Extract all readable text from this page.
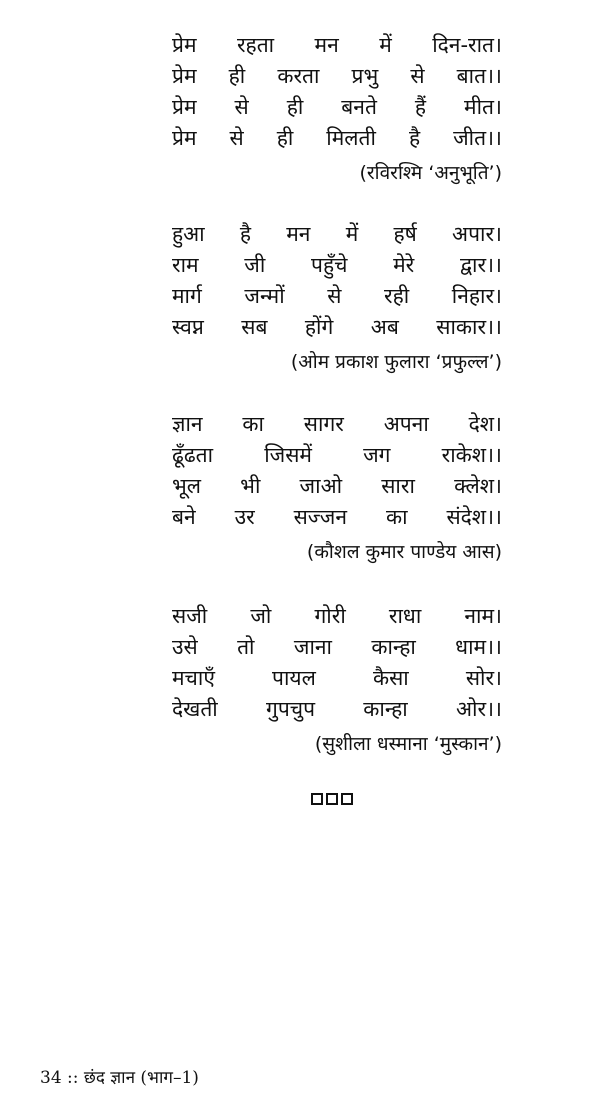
प्रेम रहता मन में दिन-रात।
प्रेम ही करता प्रभु से बात।।
प्रेम से ही बनते हैं मीत।
प्रेम से ही मिलती है जीत।।
(रविरश्मि ‘अनुभूति’)
हुआ है मन में हर्ष अपार।
राम जी पहुँचे मेरे द्वार।।
मार्ग जन्मों से रही निहार।
स्वप्न सब होंगे अब साकार।।
(ओम प्रकाश फुलारा ‘प्रफुल्ल’)
ज्ञान का सागर अपना देश।
ढूँढता जिसमें जग राकेश।।
भूल भी जाओ सारा क्लेश।
बने उर सज्जन का संदेश।।
(कौशल कुमार पाण्डेय आस)
सजी जो गोरी राधा नाम।
उसे तो जाना कान्हा धाम।।
मचाएँ पायल कैसा सोर।
देखती गुपचुप कान्हा ओर।।
(सुशीला धस्माना ‘मुस्कान’)
34 :: छंद ज्ञान (भाग–1)
